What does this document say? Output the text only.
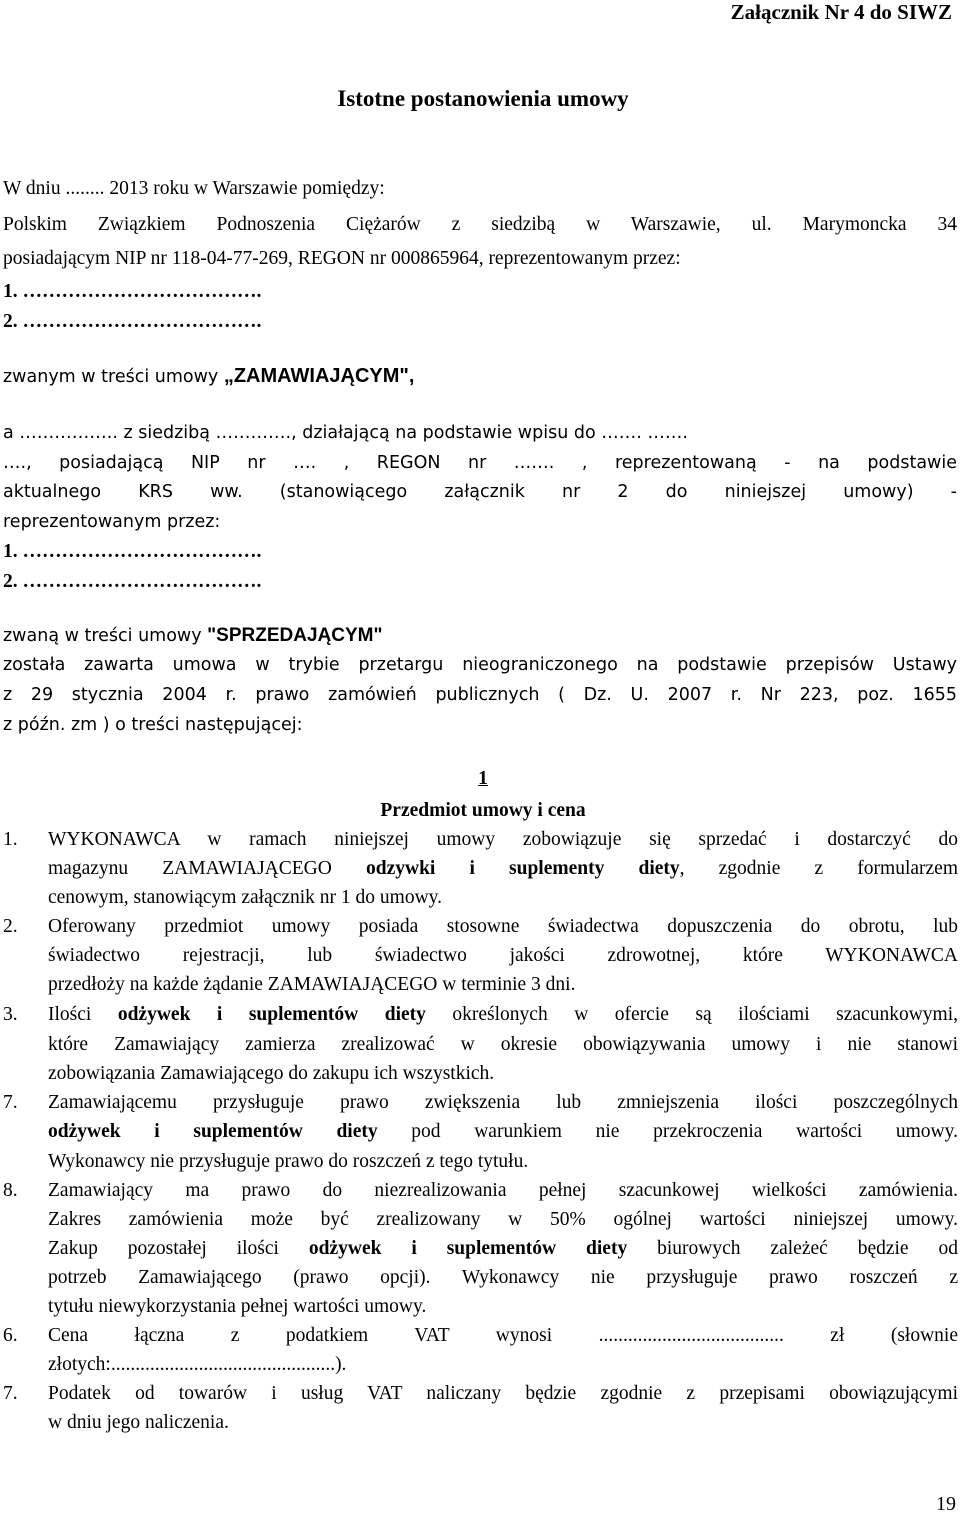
Załącznik Nr 4 do SIWZ
Istotne postanowienia umowy
W dniu ........ 2013 roku w Warszawie pomiędzy:
Polskim Związkiem Podnoszenia Ciężarów z siedzibą w Warszawie, ul. Marymoncka 34
posiadającym NIP nr 118-04-77-269, REGON nr 000865964, reprezentowanym przez:
1. ……………………………….
2. ……………………………….
zwanym w treści umowy „ZAMAWIAJĄCYM",
a …………….. z siedzibą …………., działającą na podstawie wpisu do ……. …….
…., posiadającą NIP nr …. , REGON nr ……. , reprezentowaną - na podstawie
aktualnego KRS ww. (stanowiącego załącznik nr 2 do niniejszej umowy) -
reprezentowanym przez:
1. ……………………………….
2. ……………………………….
zwaną w treści umowy "SPRZEDAJĄCYM"
została zawarta umowa w trybie przetargu nieograniczonego na podstawie przepisów Ustawy
z 29 stycznia 2004 r. prawo zamówień publicznych ( Dz. U. 2007 r. Nr 223, poz. 1655
z późn. zm ) o treści następującej:
1
Przedmiot umowy i cena
1. WYKONAWCA w ramach niniejszej umowy zobowiązuje się sprzedać i dostarczyć do
magazynu ZAMAWIAJĄCEGO odzywki i suplementy diety, zgodnie z formularzem
cenowym, stanowiącym załącznik nr 1 do umowy.
2. Oferowany przedmiot umowy posiada stosowne świadectwa dopuszczenia do obrotu, lub
świadectwo rejestracji, lub świadectwo jakości zdrowotnej, które WYKONAWCA
przedłoży na każde żądanie ZAMAWIAJĄCEGO w terminie 3 dni.
3. Ilości odżywek i suplementów diety określonych w ofercie są ilościami szacunkowymi,
które Zamawiający zamierza zrealizować w okresie obowiązywania umowy i nie stanowi
zobowiązania Zamawiającego do zakupu ich wszystkich.
7. Zamawiającemu przysługuje prawo zwiększenia lub zmniejszenia ilości poszczególnych
odżywek i suplementów diety pod warunkiem nie przekroczenia wartości umowy.
Wykonawcy nie przysługuje prawo do roszczeń z tego tytułu.
8. Zamawiający ma prawo do niezrealizowania pełnej szacunkowej wielkości zamówienia.
Zakres zamówienia może być zrealizowany w 50% ogólnej wartości niniejszej umowy.
Zakup pozostałej ilości odżywek i suplementów diety biurowych zależeć będzie od
potrzeb Zamawiającego (prawo opcji). Wykonawcy nie przysługuje prawo roszczeń z
tytułu niewykorzystania pełnej wartości umowy.
6. Cena łączna z podatkiem VAT wynosi ...................................... zł (słownie
złotych:..............................................).
7. Podatek od towarów i usług VAT naliczany będzie zgodnie z przepisami obowiązującymi
w dniu jego naliczenia.
19
